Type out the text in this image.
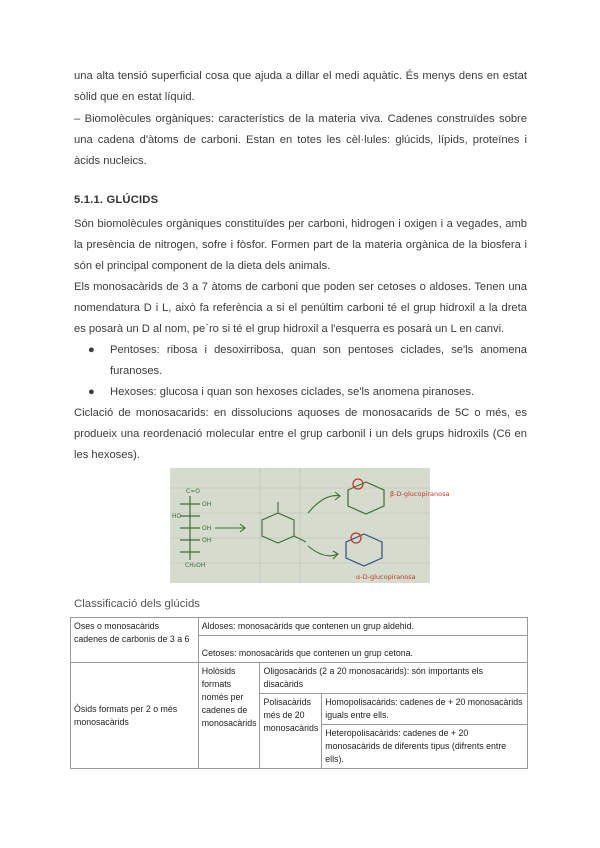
una alta tensió superficial cosa que ajuda a dillar el medi aquàtic. És menys dens en estat sòlid que en estat líquid.

– Biomolècules orgàniques: característics de la materia viva. Cadenes construïdes sobre una cadena d'àtoms de carboni. Estan en totes les cèl·lules: glúcids, lípids, proteïnes i àcids nucleics.

5.1.1. GLÚCIDS

Són biomolècules orgàniques constituïdes per carboni, hidrogen i oxigen i a vegades, amb la presència de nitrogen, sofre i fòsfor. Formen part de la materia orgànica de la biosfera i són el principal component de la dieta dels animals.

Els monosacàrids de 3 a 7 àtoms de carboni que poden ser cetoses o aldoses. Tenen una nomendatura D i L, això fa referència a si el penúltim carboni té el grup hidroxil a la dreta es posarà un D al nom, pe`ro si té el grup hidroxil a l'esquerra es posarà un L en canvi.

●	Pentoses: ribosa i desoxirribosa, quan son pentoses ciclades, se'ls anomena furanoses.
●	Hexoses: glucosa i quan son hexoses ciclades, se'ls anomena piranoses.

Ciclació de monosacarids: en dissolucions aquoses de monosacarids de 5C o més, es produeix una reordenació molecular entre el grup carbonil i un dels grups hidroxils (C6 en les hexoses).

C=O
OH
HO
OH
OH
CH₂OH
β-D-glucopiranosa
α-D-glucopiranosa
Classificació dels glúcids
Oses o monosacàrids cadenes de carbonis de 3 a 6	Aldoses: monosacàrids que contenen un grup aldehid.		
	Cetoses: monosacàrids que contenen un grup cetona.		
Òsids formats per 2 o més monosacàrids	Holòsids formats només per cadenes de monosacàrids	Oligosacàrids (2 a 20 monosacàrids): són importants els disacàrids	
		Polisacàrids més de 20 monosacàrids	Homopolisacàrids: cadenes de + 20 monosacàrids iguals entre ells.
			Heteropolisacàrids: cadenes de + 20 monosacàrids de diferents tipus (difrents entre ells).
